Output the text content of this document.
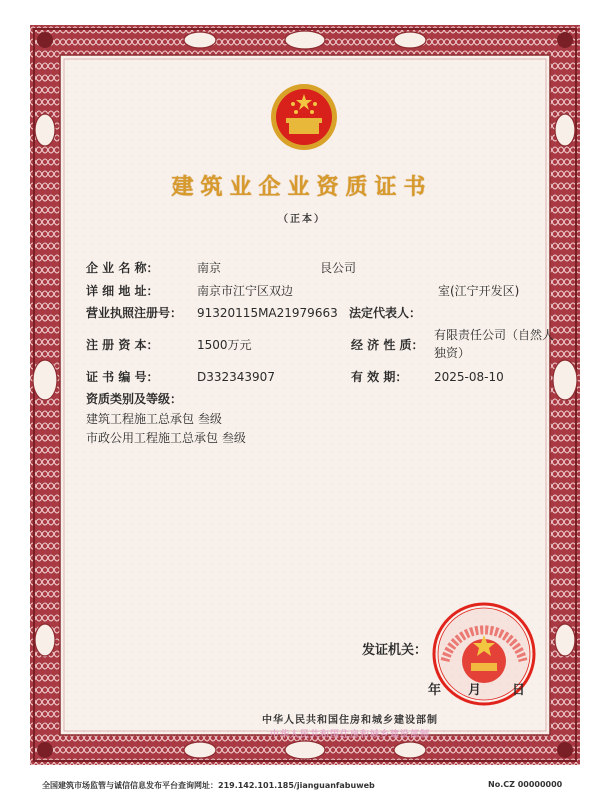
建筑业企业资质证书
（正本）
企 业 名 称：	南京	艮公司
详 细 地 址：	南京市江宁区双边	室(江宁开发区)
营业执照注册号： 91320115MA21979663 法定代表人：
注 册 资 本：	1500万元	经 济 性 质：
有限责任公司（自然人
独资）
证 书 编 号：	D332343907	有 效 期： 2025-08-10
资质类别及等级：
建筑工程施工总承包 叁级
市政公用工程施工总承包 叁级
发证机关：
年 月 日
中华人民共和国住房和城乡建设部制
中华人民共和国住房和城乡建设部制
全国建筑市场监管与诚信信息发布平台查询网址：219.142.101.185/jianguanfabuweb	No.CZ 00000000
